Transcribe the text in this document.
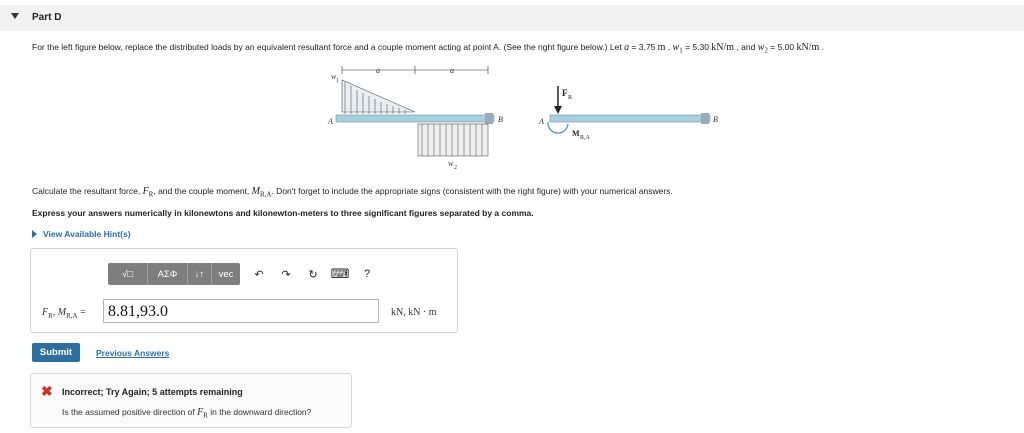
Part D
For the left figure below, replace the distributed loads by an equivalent resultant force and a couple moment acting at point A. (See the right figure below.) Let a = 3.75 m , $w_1 = 5.30$ kN/m , and $w_2 = 5.00$ kN/m .
w 1
a	a
A	B
w 2
F R
A	B
M R,A
Calculate the resultant force, $F_R$, and the couple moment, $M_{R,A}$. Don't forget to include the appropriate signs (consistent with the right figure) with your numerical answers.
Express your answers numerically in kilonewtons and kilonewton-meters to three significant figures separated by a comma.
View Available Hint(s)
√□	ΑΣΦ	↓↑	vec	↶	↷	↻ ⌨	?
$F_R$, $M_{R,A}$ =	8.81,93.0	kN, kN · m
Submit	Previous Answers
✖ Incorrect; Try Again; 5 attempts remaining
Is the assumed positive direction of $F_R$ in the downward direction?
